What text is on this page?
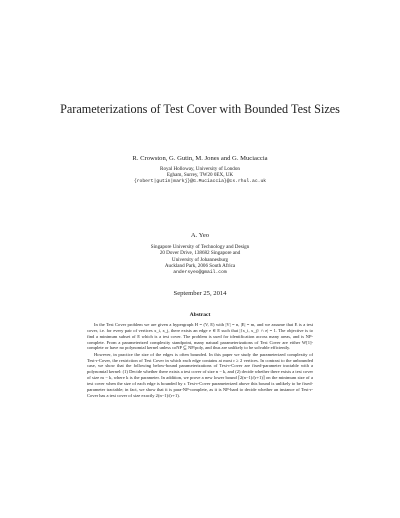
Parameterizations of Test Cover with Bounded Test Sizes
R. Crowston, G. Gutin, M. Jones and G. Muciaccia
Royal Holloway, University of London
Egham, Surrey, TW20 0EX, UK
{robert|gutin|markj}@G.Muciaccia}@cs.rhul.ac.uk
A. Yeo
Singapore University of Technology and Design
20 Dover Drive, 138682 Singapore and
University of Johannesburg
Auckland Park, 2006 South Africa
andersyeo@gmail.com
September 25, 2014
Abstract

In the Test Cover problem we are given a hypergraph H = (V, E) with |V| = n, |E| = m, and we assume that E is a test cover, i.e. for every pair of vertices x_i, x_j, there exists an edge e ∈ E such that |{x_i, x_j} ∩ e| = 1. The objective is to find a minimum subset of E which is a test cover. The problem is used for identification across many areas, and is NP-complete. From a parameterized complexity standpoint, many natural parameterizations of Test Cover are either W[1]-complete or have no polynomial kernel unless coNP ⊆ NP/poly, and thus are unlikely to be solvable efficiently.

However, in practice the size of the edges is often bounded. In this paper we study the parameterized complexity of Test-r-Cover, the restriction of Test Cover in which each edge contains at most r ≥ 2 vertices. In contrast to the unbounded case, we show that the following below-bound parameterizations of Test-r-Cover are fixed-parameter tractable with a polynomial kernel: (1) Decide whether there exists a test cover of size n − k, and (2) decide whether there exists a test cover of size m − k, where k is the parameter. In addition, we prove a new lower bound ⌈2(n−1)/(r+1)⌉ on the minimum size of a test cover when the size of each edge is bounded by r. Test-r-Cover parameterized above this bound is unlikely to be fixed-parameter tractable; in fact, we show that it is para-NP-complete, as it is NP-hard to decide whether an instance of Test-r-Cover has a test cover of size exactly 2(n−1)/(r+1).
